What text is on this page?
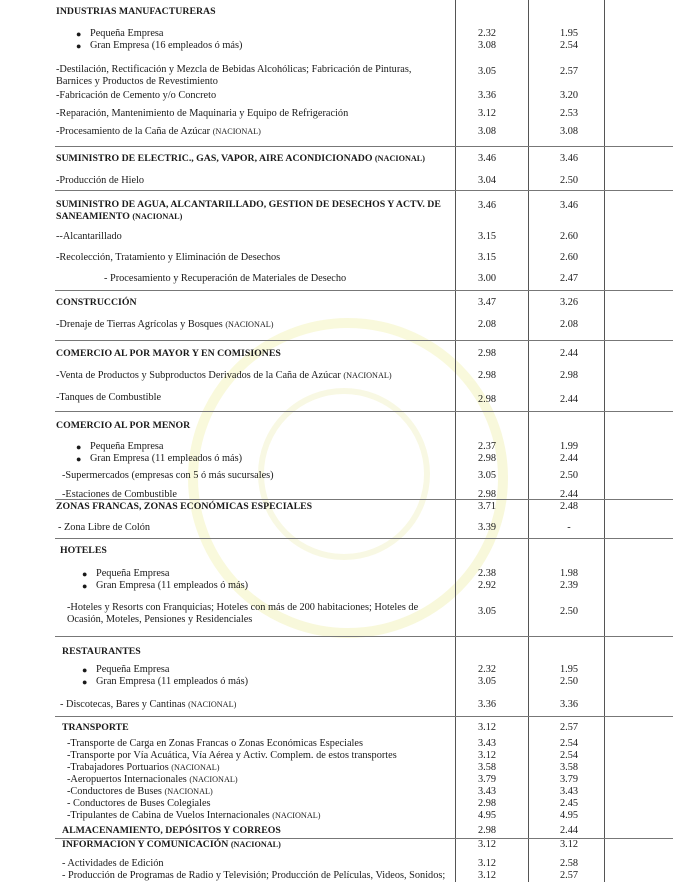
INDUSTRIAS MANUFACTURERAS
● Pequeña Empresa	2.32	1.95
● Gran Empresa (16 empleados ó más)	3.08	2.54
-Destilación, Rectificación y Mezcla de Bebidas Alcohólicas; Fabricación de Pinturas, Barnices y Productos de Revestimiento
3.05	2.57
-Fabricación de Cemento y/o Concreto	3.36	3.20
-Reparación, Mantenimiento de Maquinaria y Equipo de Refrigeración	3.12	2.53
-Procesamiento de la Caña de Azúcar (NACIONAL)	3.08	3.08
SUMINISTRO DE ELECTRIC., GAS, VAPOR, AIRE ACONDICIONADO (NACIONAL)	3.46	3.46
-Producción de Hielo	3.04	2.50
SUMINISTRO DE AGUA, ALCANTARILLADO, GESTION DE DESECHOS Y ACTV. DE SANEAMIENTO (NACIONAL)
3.46	3.46
--Alcantarillado	3.15	2.60
-Recolección, Tratamiento y Eliminación de Desechos	3.15	2.60
- Procesamiento y Recuperación de Materiales de Desecho	3.00	2.47
CONSTRUCCIÓN	3.47	3.26
-Drenaje de Tierras Agrícolas y Bosques (NACIONAL)	2.08	2.08
COMERCIO AL POR MAYOR Y EN COMISIONES	2.98	2.44
-Venta de Productos y Subproductos Derivados de la Caña de Azúcar (NACIONAL)	2.98	2.98
-Tanques de Combustible	2.98	2.44
COMERCIO AL POR MENOR
● Pequeña Empresa	2.37	1.99
● Gran Empresa (11 empleados ó más)	2.98	2.44
-Supermercados (empresas con 5 ó más sucursales)	3.05	2.50
-Estaciones de Combustible	2.98	2.44
ZONAS FRANCAS, ZONAS ECONÓMICAS ESPECIALES	3.71	2.48
- Zona Libre de Colón	3.39	-
HOTELES
● Pequeña Empresa	2.38	1.98
● Gran Empresa (11 empleados ó más)	2.92	2.39
-Hoteles y Resorts con Franquicias; Hoteles con más de 200 habitaciones; Hoteles de Ocasión, Moteles, Pensiones y Residenciales
3.05	2.50
RESTAURANTES
● Pequeña Empresa	2.32	1.95
● Gran Empresa (11 empleados ó más)	3.05	2.50
- Discotecas, Bares y Cantinas (NACIONAL)	3.36	3.36
TRANSPORTE	3.12	2.57
-Transporte de Carga en Zonas Francas o Zonas Económicas Especiales	3.43	2.54
-Transporte por Vía Acuática, Vía Aérea y Activ. Complem. de estos transportes	3.12	2.54
-Trabajadores Portuarios (NACIONAL)	3.58	3.58
-Aeropuertos Internacionales (NACIONAL)	3.79	3.79
-Conductores de Buses (NACIONAL)	3.43	3.43
- Conductores de Buses Colegiales	2.98	2.45
-Tripulantes de Cabina de Vuelos Internacionales (NACIONAL)	4.95	4.95
ALMACENAMIENTO, DEPÓSITOS Y CORREOS	2.98	2.44
INFORMACION Y COMUNICACIÓN (NACIONAL)	3.12	3.12
- Actividades de Edición	3.12	2.58
- Producción de Programas de Radio y Televisión; Producción de Películas, Videos, Sonidos;	3.12	2.57
